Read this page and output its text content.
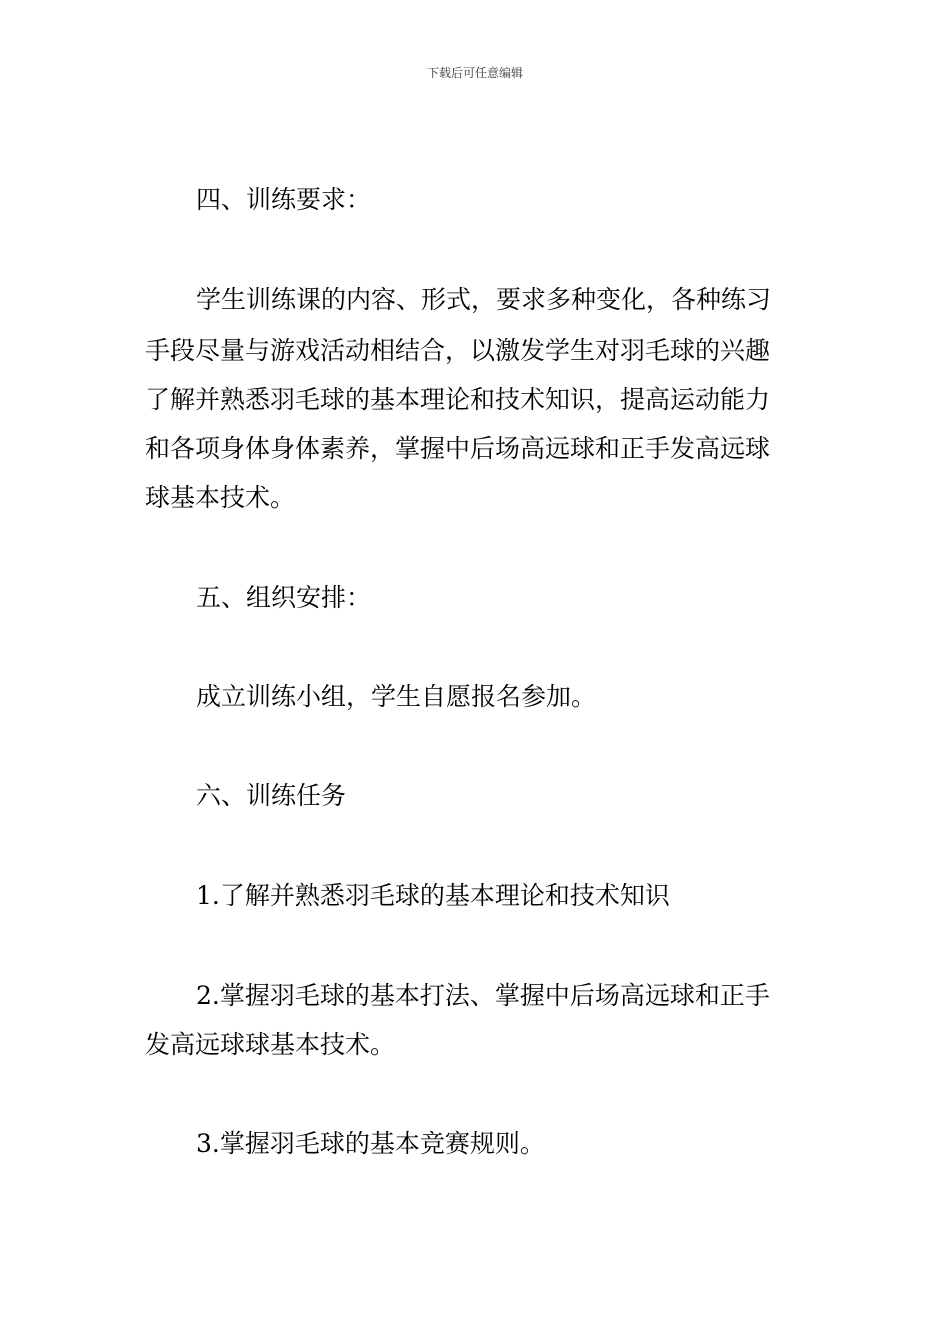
下载后可任意编辑
四、训练要求：
学生训练课的内容、形式，要求多种变化，各种练习
手段尽量与游戏活动相结合，以激发学生对羽毛球的兴趣
了解并熟悉羽毛球的基本理论和技术知识，提高运动能力
和各项身体身体素养，掌握中后场高远球和正手发高远球
球基本技术。
五、组织安排：
成立训练小组，学生自愿报名参加。
六、训练任务
1.了解并熟悉羽毛球的基本理论和技术知识
2.掌握羽毛球的基本打法、掌握中后场高远球和正手
发高远球球基本技术。
3.掌握羽毛球的基本竞赛规则。
